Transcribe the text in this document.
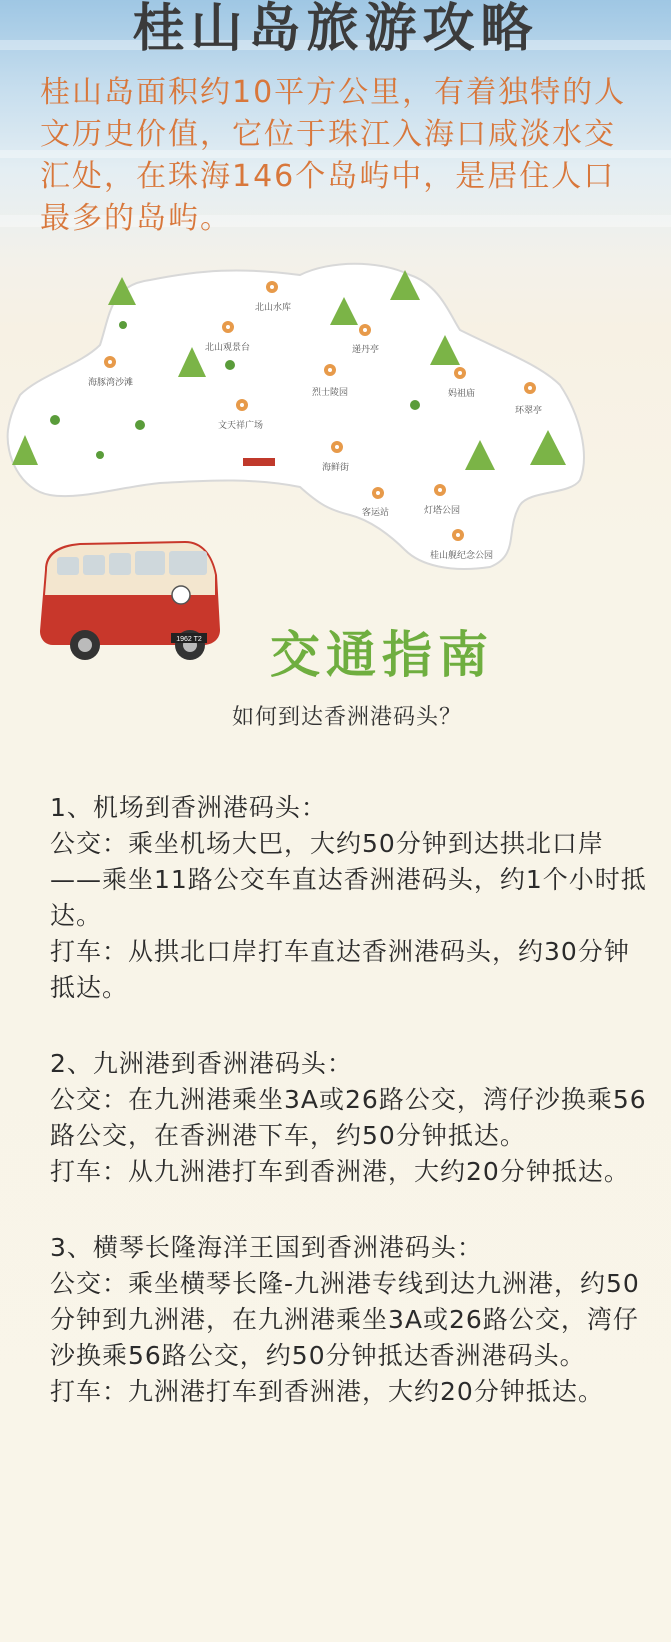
桂山岛旅游攻略

桂山岛面积约10平方公里，有着独特的人文历史价值，它位于珠江入海口咸淡水交汇处，在珠海146个岛屿中，是居住人口最多的岛屿。

北山水库
北山观景台
海豚湾沙滩
递丹亭
烈士陵园	妈祖庙
环翠亭
文天祥广场
海鲜街
客运站	灯塔公园
桂山舰纪念公园
1962 T2 交通指南
如何到达香洲港码头？

1、机场到香洲港码头：

公交：乘坐机场大巴，大约50分钟到达拱北口岸——乘坐11路公交车直达香洲港码头，约1个小时抵达。

打车：从拱北口岸打车直达香洲港码头，约30分钟抵达。

2、九洲港到香洲港码头：

公交：在九洲港乘坐3A或26路公交，湾仔沙换乘56路公交，在香洲港下车，约50分钟抵达。

打车：从九洲港打车到香洲港，大约20分钟抵达。

3、横琴长隆海洋王国到香洲港码头：

公交：乘坐横琴长隆-九洲港专线到达九洲港，约50分钟到九洲港，在九洲港乘坐3A或26路公交，湾仔沙换乘56路公交，约50分钟抵达香洲港码头。

打车：九洲港打车到香洲港，大约20分钟抵达。
